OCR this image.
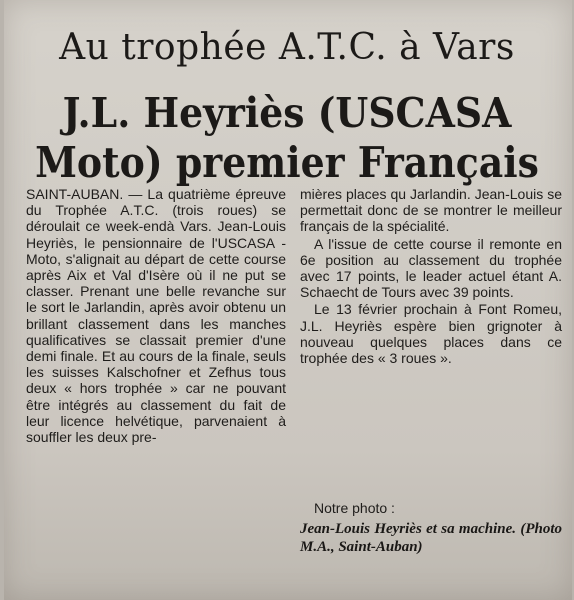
Au trophée A.T.C. à Vars
J.L. Heyriès (USCASA
Moto) premier Français

SAINT-AUBAN. — La quatrième épreuve du Trophée A.T.C. (trois roues) se déroulait ce week-endà Vars. Jean-Louis Heyriès, le pensionnaire de l'USCASA - Moto, s'alignait au départ de cette course après Aix et Val d'Isère où il ne put se classer. Prenant une belle revanche sur le sort le Jarlandin, après avoir obtenu un brillant classement dans les manches qualificatives se classait premier d'une demi finale. Et au cours de la finale, seuls les suisses Kalschofner et Zefhus tous deux « hors trophée » car ne pouvant être intégrés au classement du fait de leur licence helvétique, parvenaient à souffler les deux pre-

mières places qu Jarlandin. Jean-Louis se permettait donc de se montrer le meilleur français de la spécialité.

A l'issue de cette course il remonte en 6e position au classement du trophée avec 17 points, le leader actuel étant A. Schaecht de Tours avec 39 points.

Le 13 février prochain à Font Romeu, J.L. Heyriès espère bien grignoter à nouveau quelques places dans ce trophée des « 3 roues ».

Notre photo :
Jean-Louis Heyriès et sa machine. (Photo M.A., Saint-Auban)
